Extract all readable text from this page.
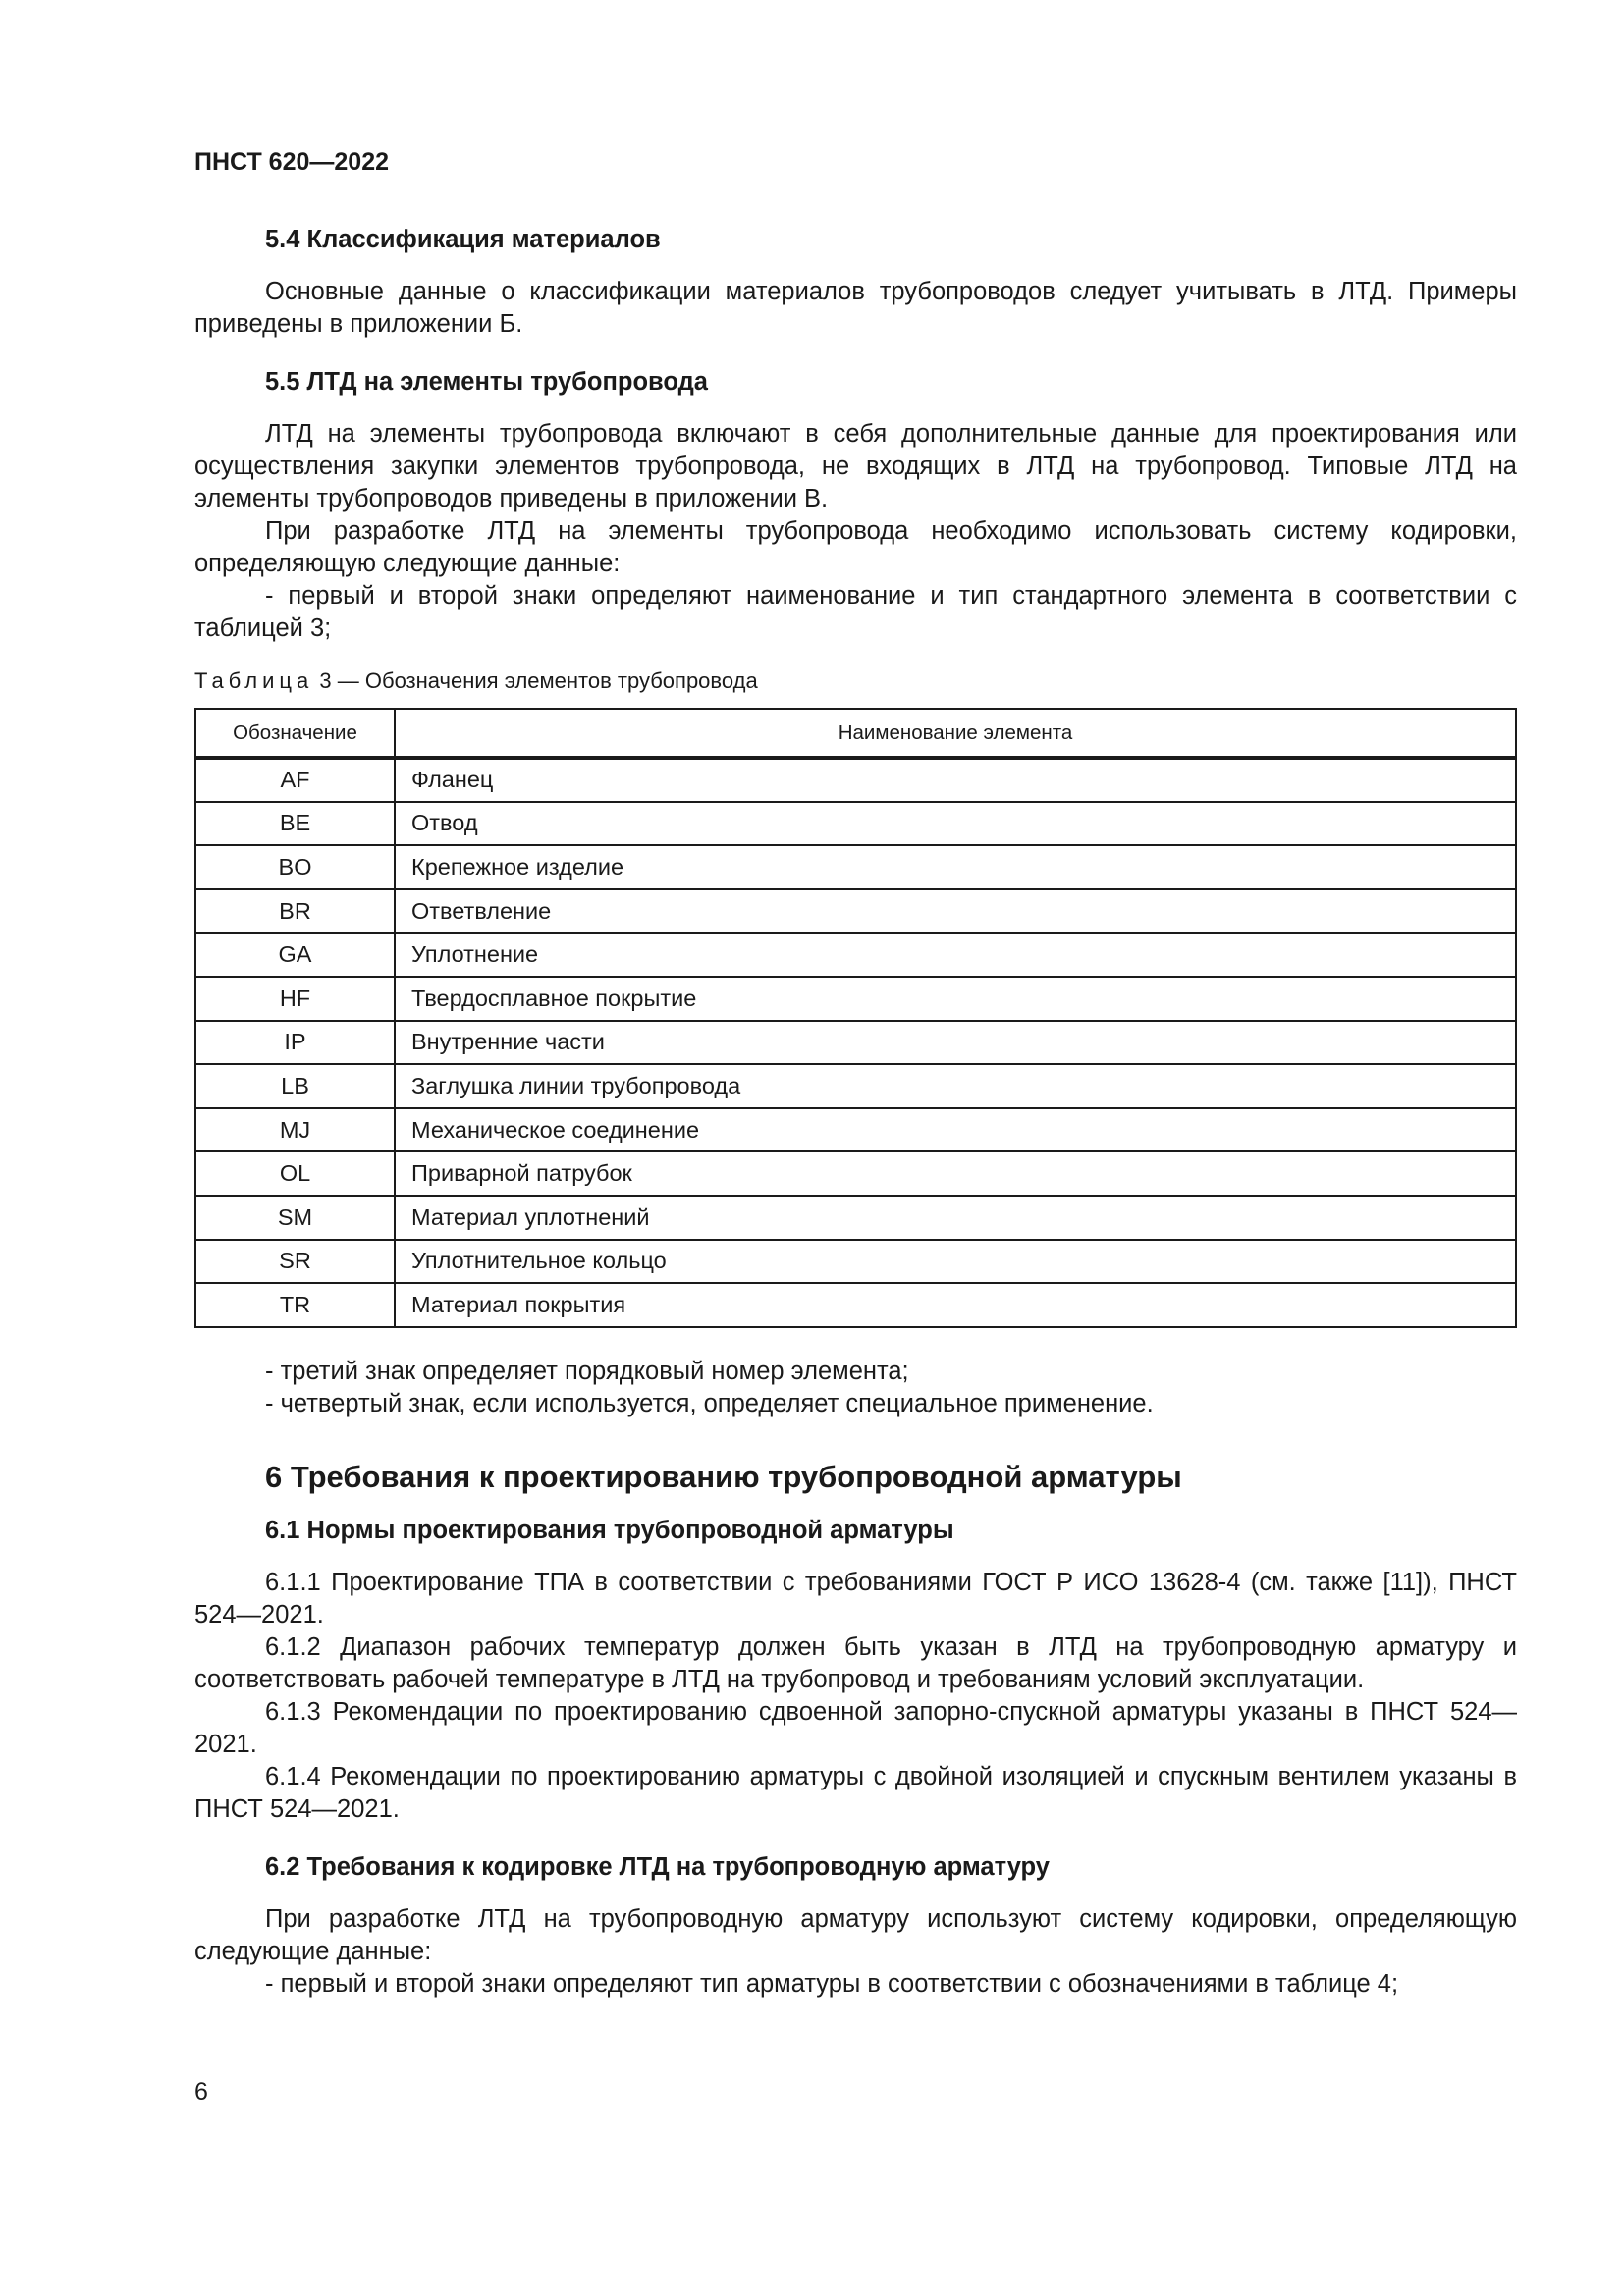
ПНСТ 620—2022
5.4 Классификация материалов

Основные данные о классификации материалов трубопроводов следует учитывать в ЛТД. Примеры приведены в приложении Б.

5.5 ЛТД на элементы трубопровода

ЛТД на элементы трубопровода включают в себя дополнительные данные для проектирования или осуществления закупки элементов трубопровода, не входящих в ЛТД на трубопровод. Типовые ЛТД на элементы трубопроводов приведены в приложении В.

При разработке ЛТД на элементы трубопровода необходимо использовать систему кодировки, определяющую следующие данные:

- первый и второй знаки определяют наименование и тип стандартного элемента в соответствии с таблицей 3;

Таблица 3 — Обозначения элементов трубопровода
Обозначение	Наименование элемента
AF	Фланец
BE	Отвод
BO	Крепежное изделие
BR	Ответвление
GA	Уплотнение
HF	Твердосплавное покрытие
IP	Внутренние части
LB	Заглушка линии трубопровода
MJ	Механическое соединение
OL	Приварной патрубок
SM	Материал уплотнений
SR	Уплотнительное кольцо
TR	Материал покрытия

- третий знак определяет порядковый номер элемента;

- четвертый знак, если используется, определяет специальное применение.

6 Требования к проектированию трубопроводной арматуры
6.1 Нормы проектирования трубопроводной арматуры

6.1.1 Проектирование ТПА в соответствии с требованиями ГОСТ Р ИСО 13628-4 (см. также [11]), ПНСТ 524—2021.

6.1.2 Диапазон рабочих температур должен быть указан в ЛТД на трубопроводную арматуру и соответствовать рабочей температуре в ЛТД на трубопровод и требованиям условий эксплуатации.

6.1.3 Рекомендации по проектированию сдвоенной запорно-спускной арматуры указаны в ПНСТ 524—2021.

6.1.4 Рекомендации по проектированию арматуры с двойной изоляцией и спускным вентилем указаны в ПНСТ 524—2021.

6.2 Требования к кодировке ЛТД на трубопроводную арматуру

При разработке ЛТД на трубопроводную арматуру используют систему кодировки, определяющую следующие данные:

- первый и второй знаки определяют тип арматуры в соответствии с обозначениями в таблице 4;

6
